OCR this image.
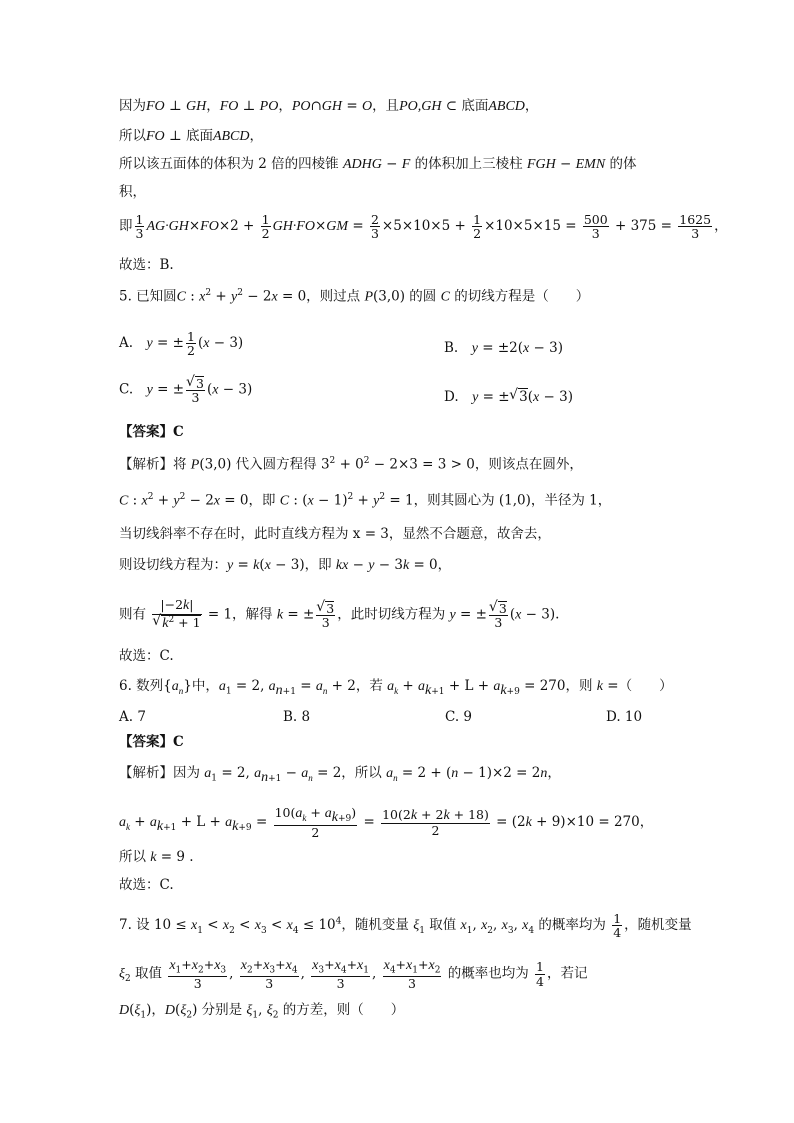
因为FO ⊥ GH，FO ⊥ PO，PO∩GH = O，且PO,GH ⊂ 底面ABCD，
所以FO ⊥ 底面ABCD，
所以该五面体的体积为 2 倍的四棱锥 ADHG − F 的体积加上三棱柱 FGH − EMN 的体
积，
即 $\frac{1}{3} AG\cdot GH\times FO\times 2 + \frac{1}{2} GH\cdot FO\times GM = \frac{2}{3} \times 5\times 10\times 5 + \frac{1}{2} \times 10\times 5\times 15 = \frac{500}{3} + 375 = \frac{1625}{3}$ ，
故选：B.
5. 已知圆C : $x^2 + y^2 - 2x = 0$，则过点 P(3,0) 的圆 C 的切线方程是（　　）
A.　y = ± $\frac{1}{2} (x - 3)$	B.　y = ±2(x − 3)
C.　y = ± √ $\frac{3}{3} (x - 3)$	D.　y = ±  √ 3(x − 3)
【答案】C
【解析】将 P(3,0) 代入圆方程得 $3^2 + 0^2 - 2\times 3 = 3 > 0$，则该点在圆外，
C : $x^2 + y^2 - 2x = 0$，即 C : $(x - 1)^2 + y^2 = 1$，则其圆心为 (1,0)，半径为 1，
当切线斜率不存在时，此时直线方程为 x = 3，显然不合题意，故舍去，
则设切线方程为：y = k(x − 3)，即 kx − y − 3k = 0，
则有 |−2k|
√ $k^2 + 1 = 1$，解得 k = ± √ $\frac{3}{3}$ ，此时切线方程为 y = ± √ $\frac{3}{3} (x - 3)$.
故选：C.
6. 数列$\{a_n\}$中，$a_1 = 2$, $a_{n+1} = a_n + 2$，若 $a_k + a_{k+1} + L + a_{k+9} = 270$，则 k =（　　）
A. 7	B. 8	C. 9	D. 10
【答案】C
【解析】因为 $a_1 = 2$, $a_{n+1} - a_n = 2$，所以 $a_n = 2 + (n - 1)\times 2 = 2n$，
$a_k + a_{k+1} + L + a_{k+9} = \frac{10(a_k + a_{k+9})}{2} = \frac{10(2k + 2k + 18)}{2} = (2k + 9)\times 10 = 270$，
所以 k = 9 .
故选：C.
7. 设 $10 \le x_1 < x_2 < x_3 < x_4 \le 10^4$，随机变量 $\xi_1$ 取值 $x_1$, $x_2$, $x_3$, $x_4$ 的概率均为 $\frac{1}{4}$ ，随机变量
$\xi_2$ 取值 $\frac{x_1+x_2+x_3}{3}$ , $\frac{x_2+x_3+x_4}{3}$ , $\frac{x_3+x_4+x_1}{3}$ , $\frac{x_4+x_1+x_2}{3}$ 的概率也均为 $\frac{1}{4}$ ，若记
$D(\xi_1)$，$D(\xi_2)$ 分别是 $\xi_1$, $\xi_2$ 的方差，则（　　）
